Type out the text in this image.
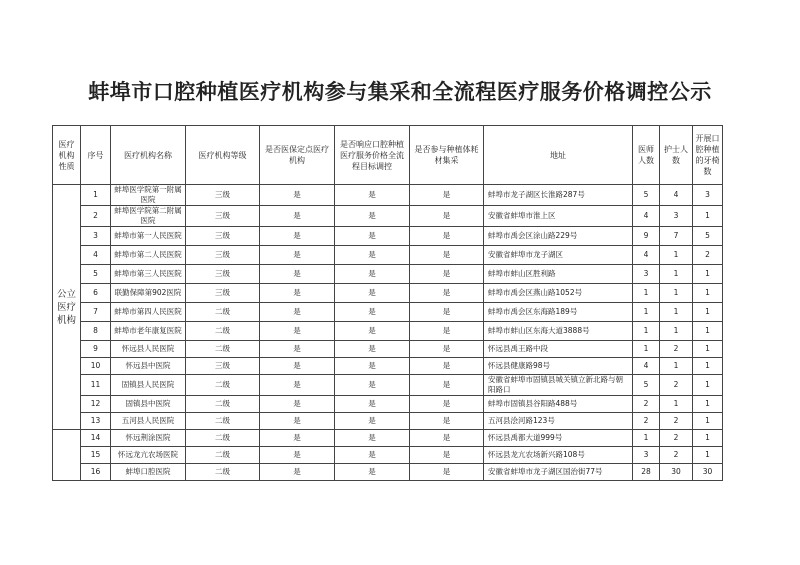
蚌埠市口腔种植医疗机构参与集采和全流程医疗服务价格调控公示
医疗机构性质	序号	医疗机构名称	医疗机构等级	是否医保定点医疗机构	是否响应口腔种植医疗服务价格全流程目标调控	是否参与种植体耗材集采	地址	医师人数	护士人数	开展口腔种植的牙椅数
公立医疗机构	1	蚌埠医学院第一附属医院	三级	是	是	是	蚌埠市龙子湖区长淮路287号	5	4	3
	2	蚌埠医学院第二附属医院	三级	是	是	是	安徽省蚌埠市淮上区	4	3	1
	3	蚌埠市第一人民医院	三级	是	是	是	蚌埠市禹会区涂山路229号	9	7	5
	4	蚌埠市第二人民医院	三级	是	是	是	安徽省蚌埠市龙子湖区	4	1	2
	5	蚌埠市第三人民医院	三级	是	是	是	蚌埠市蚌山区胜利路	3	1	1
	6	联勤保障第902医院	三级	是	是	是	蚌埠市禹会区燕山路1052号	1	1	1
	7	蚌埠市第四人民医院	二级	是	是	是	蚌埠市禹会区东海路189号	1	1	1
	8	蚌埠市老年康复医院	二级	是	是	是	蚌埠市蚌山区东海大道3888号	1	1	1
	9	怀远县人民医院	二级	是	是	是	怀远县禹王路中段	1	2	1
	10	怀远县中医院	三级	是	是	是	怀远县健康路98号	4	1	1
	11	固镇县人民医院	二级	是	是	是	安徽省蚌埠市固镇县城关镇立新北路与朝阳路口	5	2	1
	12	固镇县中医院	二级	是	是	是	蚌埠市固镇县谷阳路488号	2	1	1
	13	五河县人民医院	二级	是	是	是	五河县浍河路123号	2	2	1
	14	怀远荆涂医院	二级	是	是	是	怀远县禹都大道999号	1	2	1
	15	怀远龙亢农场医院	二级	是	是	是	怀远县龙亢农场新兴路108号	3	2	1
	16	蚌埠口腔医院	二级	是	是	是	安徽省蚌埠市龙子湖区国治街77号	28	30	30
